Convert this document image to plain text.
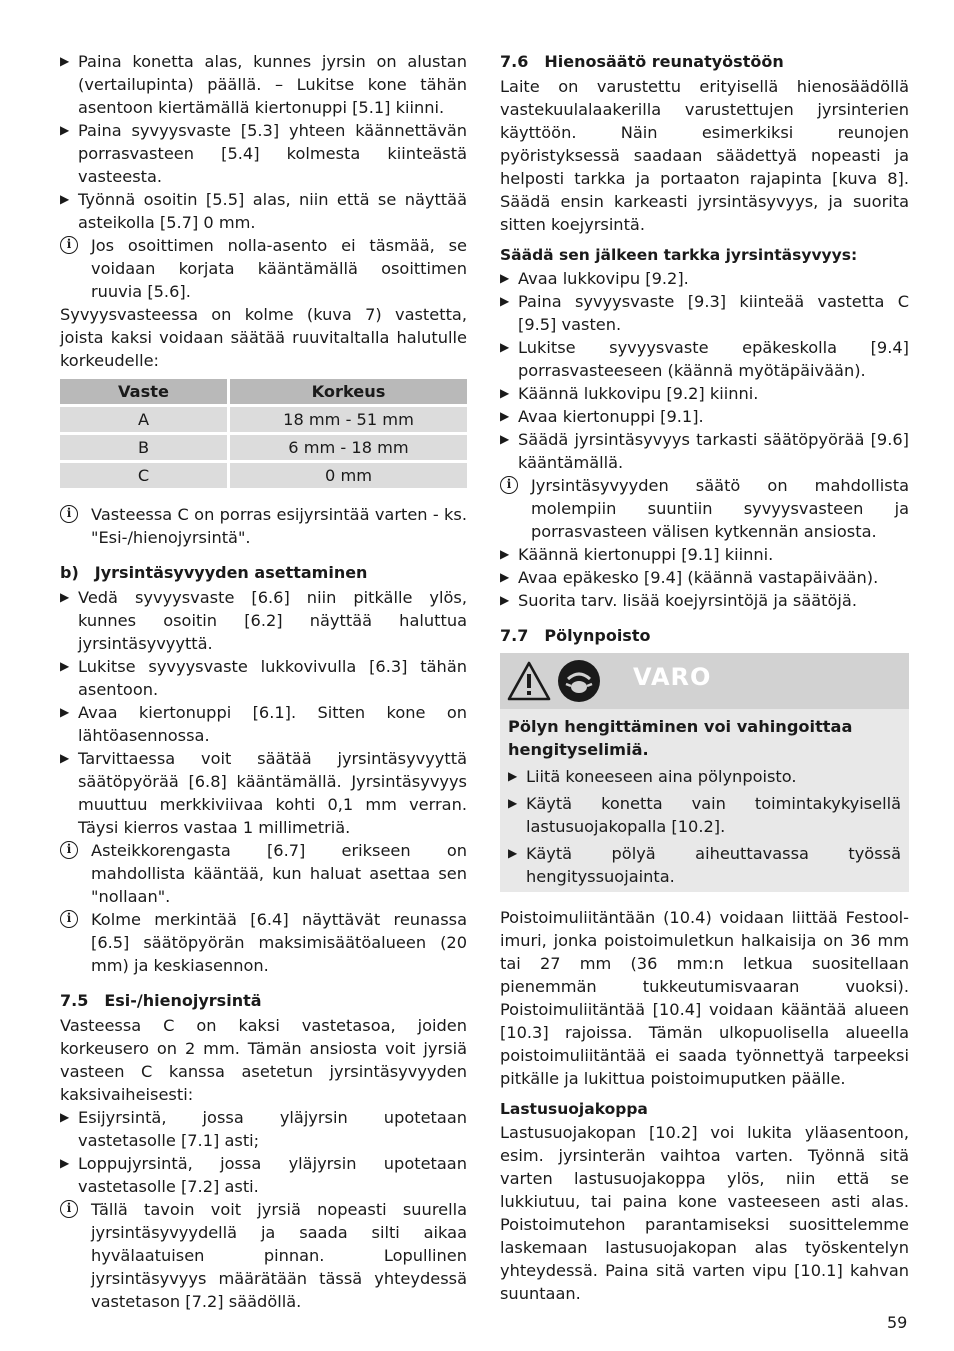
▶ Paina konetta alas, kunnes jyrsin on alustan (vertailupinta) päällä. – Lukitse kone tähän asentoon kiertämällä kiertonuppi [5.1] kiinni.

▶ Paina syvyysvaste [5.3] yhteen käännettävän porrasvasteen [5.4] kolmesta kiinteästä vasteesta.

▶ Työnnä osoitin [5.5] alas, niin että se näyttää asteikolla [5.7] 0 mm.

i	Jos osoittimen nolla-asento ei täsmää, se voidaan korjata kääntämällä osoittimen ruuvia [5.6].

Syvyysvasteessa on kolme (kuva 7) vastetta, joista kaksi voidaan säätää ruuvitaltalla halutulle korkeudelle:

Vaste	Korkeus
A	18 mm - 51 mm
B	6 mm - 18 mm
C	0 mm
i	Vasteessa C on porras esijyrsintää varten - ks. "Esi-/hienojyrsintä".

b) Jyrsintäsyvyyden asettaminen

▶ Vedä syvyysvaste [6.6] niin pitkälle ylös, kunnes osoitin [6.2] näyttää haluttua jyrsintäsyvyyttä.

▶ Lukitse syvyysvaste lukkovivulla [6.3] tähän asentoon.

▶ Avaa kiertonuppi [6.1]. Sitten kone on lähtöasennossa.

▶ Tarvittaessa voit säätää jyrsintäsyvyyttä säätöpyörää [6.8] kääntämällä. Jyrsintäsyvyys muuttuu merkkiviivaa kohti 0,1 mm verran. Täysi kierros vastaa 1 millimetriä.

i	Asteikkorengasta [6.7] erikseen on mahdollista kääntää, kun haluat asettaa sen "nollaan".
i	Kolme merkintää [6.4] näyttävät reunassa [6.5] säätöpyörän maksimisäätöalueen (20 mm) ja keskiasennon.

7.5 Esi-/hienojyrsintä

Vasteessa C on kaksi vastetasoa, joiden korkeusero on 2 mm. Tämän ansiosta voit jyrsiä vasteen C kanssa asetetun jyrsintäsyvyyden kaksivaiheisesti:

▶ Esijyrsintä, jossa yläjyrsin upotetaan vastetasolle [7.1] asti;

▶ Loppujyrsintä, jossa yläjyrsin upotetaan vastetasolle [7.2] asti.

i	Tällä tavoin voit jyrsiä nopeasti suurella jyrsintäsyvyydellä ja saada silti aikaa hyvälaatuisen pinnan. Lopullinen jyrsintäsyvyys määrätään tässä yhteydessä vastetason [7.2] säädöllä.

7.6 Hienosäätö reunatyöstöön

Laite on varustettu erityisellä hienosäädöllä vastekuulalaakerilla varustettujen jyrsinterien käyttöön. Näin esimerkiksi reunojen pyöristyksessä saadaan säädettyä nopeasti ja helposti tarkka ja portaaton rajapinta [kuva 8]. Säädä ensin karkeasti jyrsintäsyvyys, ja suorita sitten koejyrsintä.

Säädä sen jälkeen tarkka jyrsintäsyvyys:

▶ Avaa lukkovipu [9.2].

▶ Paina syvyysvaste [9.3] kiinteää vastetta C [9.5] vasten.

▶ Lukitse syvyysvaste epäkeskolla [9.4] porrasvasteeseen (käännä myötäpäivään).

▶ Käännä lukkovipu [9.2] kiinni.

▶ Avaa kiertonuppi [9.1].

▶ Säädä jyrsintäsyvyys tarkasti säätöpyörää [9.6] kääntämällä.

i	Jyrsintäsyvyyden säätö on mahdollista molempiin suuntiin syvyysvasteen ja porrasvasteen välisen kytkennän ansiosta.

▶ Käännä kiertonuppi [9.1] kiinni.

▶ Avaa epäkesko [9.4] (käännä vastapäivään).

▶ Suorita tarv. lisää koejyrsintöjä ja säätöjä.

7.7 Pölynpoisto

VARO

Pölyn hengittäminen voi vahingoittaa hengityselimiä.

▶ Liitä koneeseen aina pölynpoisto.

▶ Käytä konetta vain toimintakykyisellä lastusuojakopalla [10.2].

▶ Käytä pölyä aiheuttavassa työssä hengityssuojainta.

Poistoimuliitäntään (10.4) voidaan liittää Festool-imuri, jonka poistoimuletkun halkaisija on 36 mm tai 27 mm (36 mm:n letkua suositellaan pienemmän tukkeutumisvaaran vuoksi). Poistoimuliitäntää [10.4] voidaan kääntää alueen [10.3] rajoissa. Tämän ulkopuolisella alueella poistoimuliitäntää ei saada työnnettyä tarpeeksi pitkälle ja lukittua poistoimuputken päälle.

Lastusuojakoppa

Lastusuojakopan [10.2] voi lukita yläasentoon, esim. jyrsinterän vaihtoa varten. Työnnä sitä varten lastusuojakoppa ylös, niin että se lukkiutuu, tai paina kone vasteeseen asti alas. Poistoimutehon parantamiseksi suosittelemme laskemaan lastusuojakopan alas työskentelyn yhteydessä. Paina sitä varten vipu [10.1] kahvan suuntaan.

59
